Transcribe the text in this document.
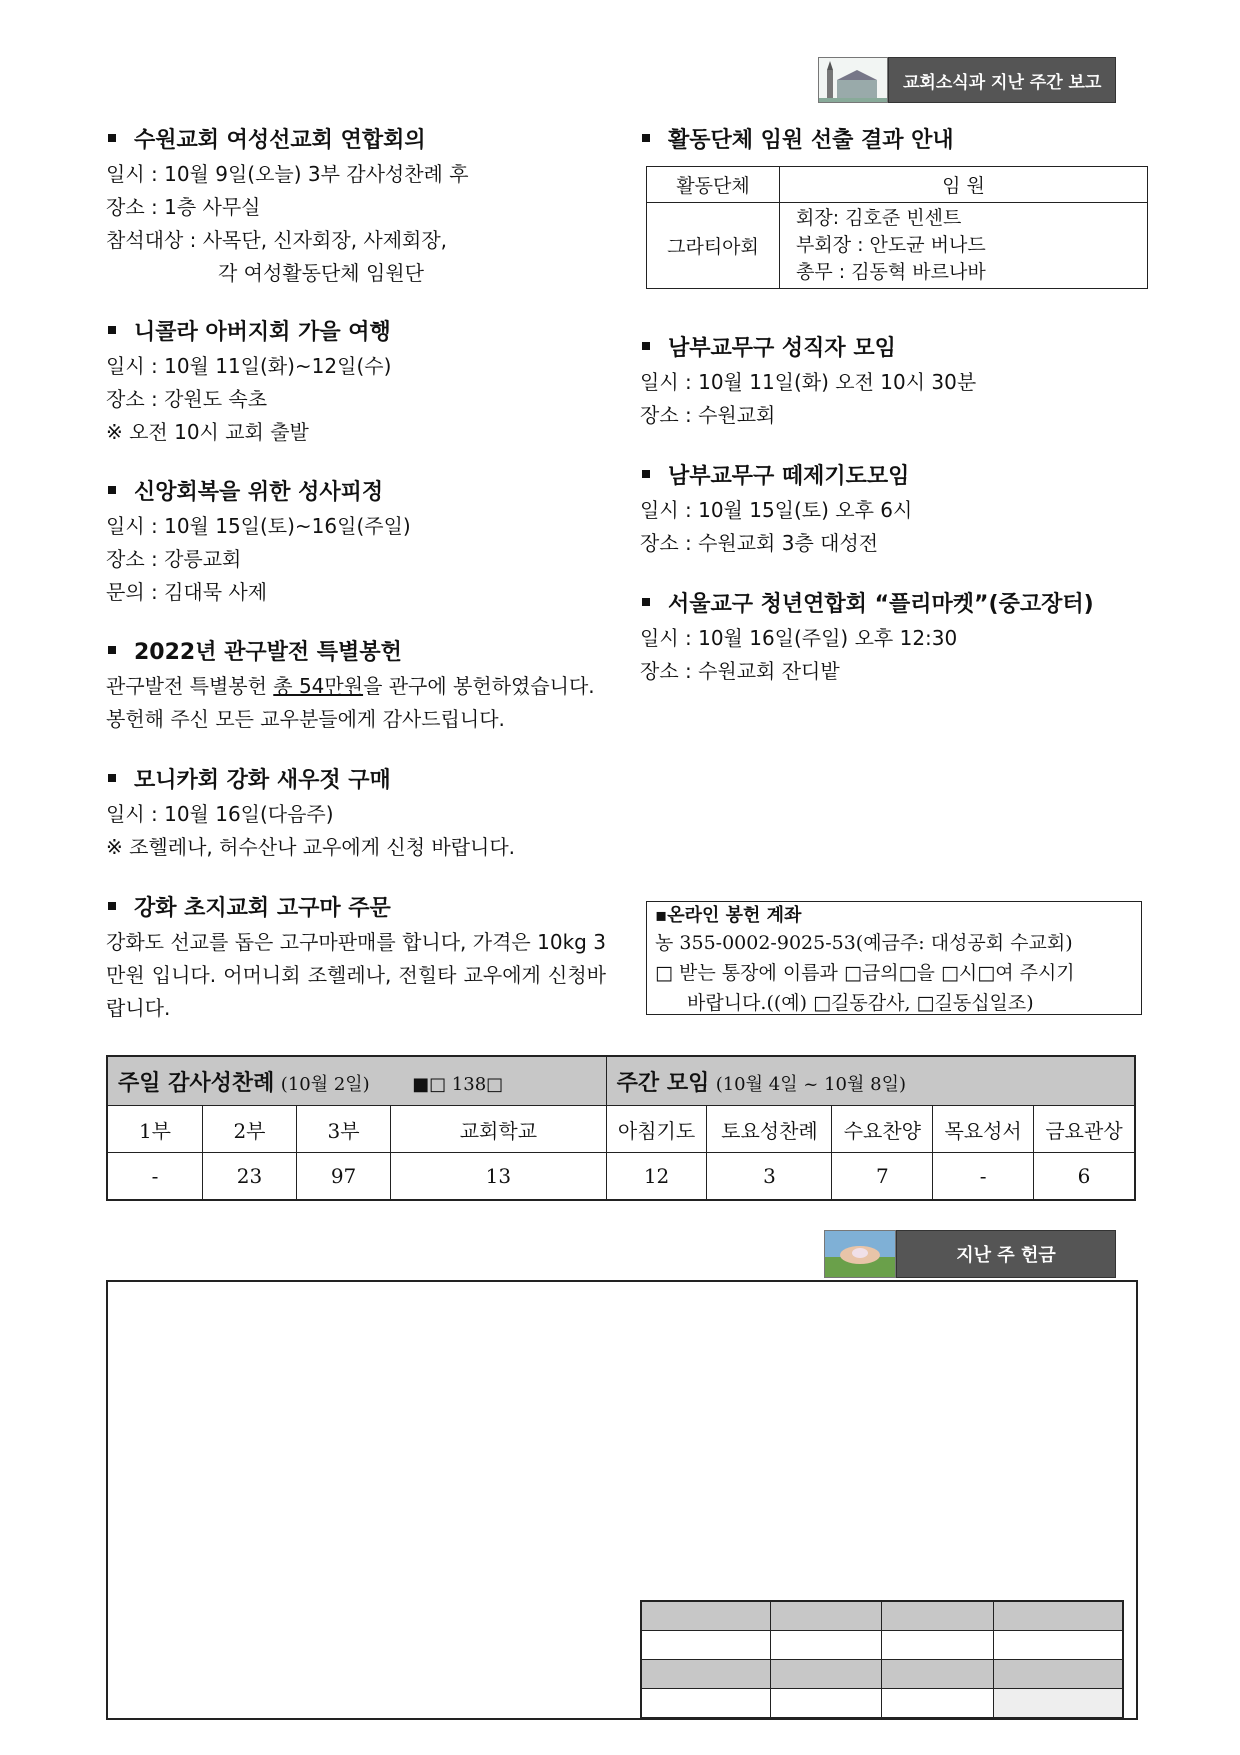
교회소식과 지난 주간 보고
수원교회 여성선교회 연합회의
일시 : 10월 9일(오늘) 3부 감사성찬례 후
장소 : 1층 사무실
참석대상 : 사목단, 신자회장, 사제회장,
각 여성활동단체 임원단
니콜라 아버지회 가을 여행
일시 : 10월 11일(화)~12일(수)
장소 : 강원도 속초
※ 오전 10시 교회 출발
신앙회복을 위한 성사피정
일시 : 10월 15일(토)~16일(주일)
장소 : 강릉교회
문의 : 김대묵 사제
2022년 관구발전 특별봉헌
관구발전 특별봉헌 총 54만원을 관구에 봉헌하였습니다.
봉헌해 주신 모든 교우분들에게 감사드립니다.
모니카회 강화 새우젓 구매
일시 : 10월 16일(다음주)
※ 조헬레나, 허수산나 교우에게 신청 바랍니다.
강화 초지교회 고구마 주문
강화도 선교를 돕은 고구마판매를 합니다, 가격은 10kg 3만원 입니다. 어머니회 조헬레나, 전힐타 교우에게 신청바랍니다.
활동단체 임원 선출 결과 안내
활동단체	임 원
그라티아회	회장: 김호준 빈센트
부회장 : 안도균 버나드
총무 : 김동혁 바르나바
남부교무구 성직자 모임
일시 : 10월 11일(화) 오전 10시 30분
장소 : 수원교회
남부교무구 떼제기도모임
일시 : 10월 15일(토) 오후 6시
장소 : 수원교회 3층 대성전
서울교구 청년연합회 “플리마켓”(중고장터)
일시 : 10월 16일(주일) 오후 12:30
장소 : 수원교회 잔디밭
▪온라인 봉헌 계좌
농 355-0002-9025-53(예금주: 대성공회 수교회)
□ 받는 통장에 이름과 □금의□을 □시□여 주시기
바랍니다.((예) □길동감사, □길동십일조)
주일 감사성찬례 (10월 2일) ■□ 138□				주간 모임 (10월 4일 ~ 10월 8일)				
1부	2부	3부	교회학교	아침기도	토요성찬례	수요찬양	목요성서	금요관상
-	23	97	13	12	3	7	-	6
지난 주 헌금
